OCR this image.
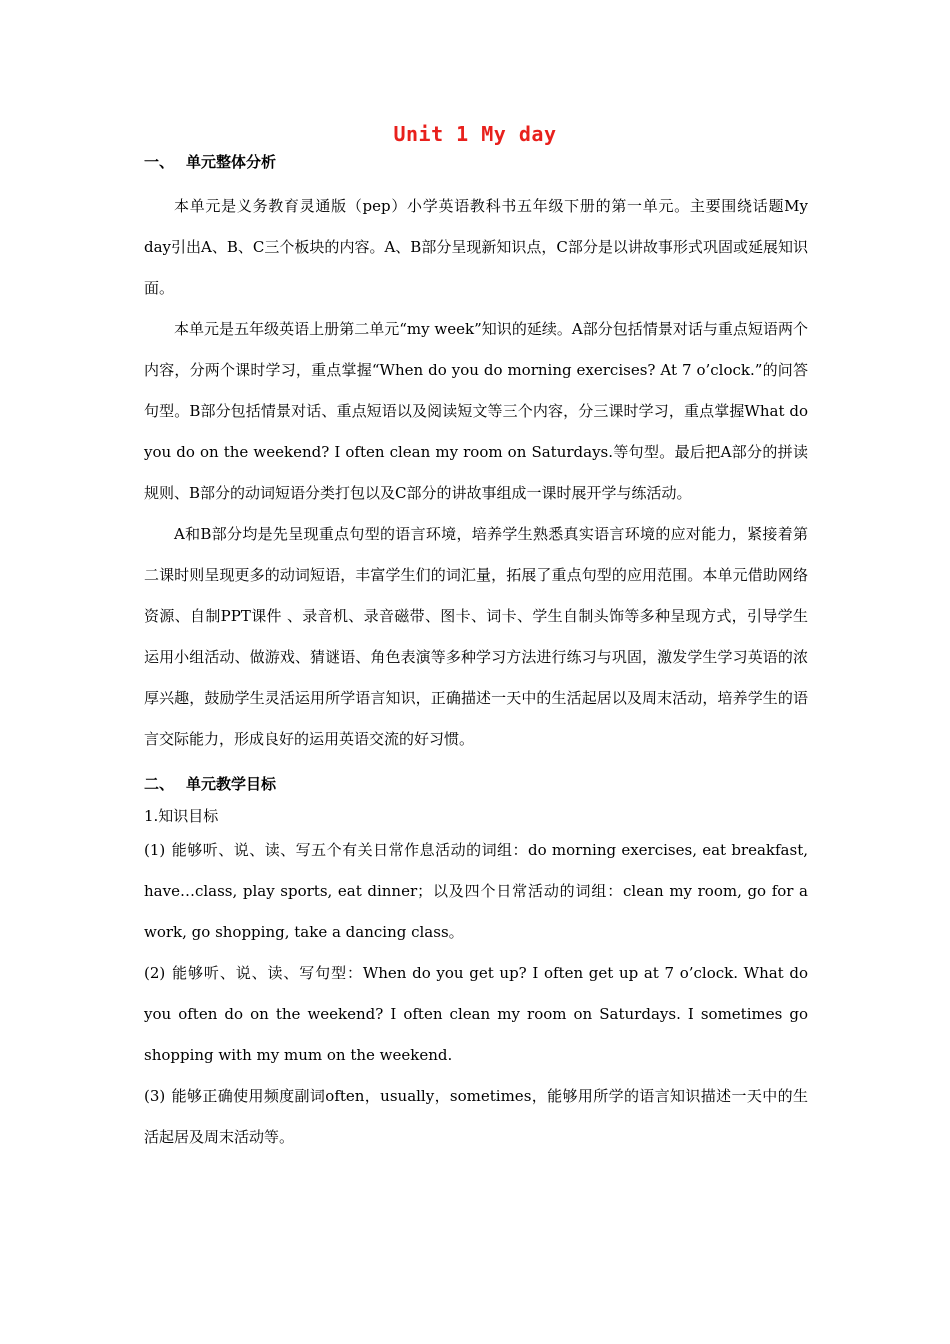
Unit 1 My day

一、 单元整体分析

本单元是义务教育灵通版（pep）小学英语教科书五年级下册的第一单元。主要围绕话题My day引出A、B、C三个板块的内容。A、B部分呈现新知识点，C部分是以讲故事形式巩固或延展知识面。

本单元是五年级英语上册第二单元“my week”知识的延续。A部分包括情景对话与重点短语两个内容，分两个课时学习，重点掌握“When do you do morning exercises? At 7 o’clock.”的问答句型。B部分包括情景对话、重点短语以及阅读短文等三个内容，分三课时学习，重点掌握What do you do on the weekend? I often clean my room on Saturdays.等句型。最后把A部分的拼读规则、B部分的动词短语分类打包以及C部分的讲故事组成一课时展开学与练活动。

A和B部分均是先呈现重点句型的语言环境，培养学生熟悉真实语言环境的应对能力，紧接着第二课时则呈现更多的动词短语，丰富学生们的词汇量，拓展了重点句型的应用范围。本单元借助网络资源、自制PPT课件 、录音机、录音磁带、图卡、词卡、学生自制头饰等多种呈现方式，引导学生运用小组活动、做游戏、猜谜语、角色表演等多种学习方法进行练习与巩固，激发学生学习英语的浓厚兴趣，鼓励学生灵活运用所学语言知识，正确描述一天中的生活起居以及周末活动，培养学生的语言交际能力，形成良好的运用英语交流的好习惯。

二、 单元教学目标

1.知识目标

(1) 能够听、说、读、写五个有关日常作息活动的词组：do morning exercises, eat breakfast, have…class, play sports, eat dinner；以及四个日常活动的词组：clean my room, go for a work, go shopping, take a dancing class。

(2) 能够听、说、读、写句型：When do you get up? I often get up at 7 o’clock. What do you often do on the weekend? I often clean my room on Saturdays. I sometimes go shopping with my mum on the weekend.

(3) 能够正确使用频度副词often，usually，sometimes，能够用所学的语言知识描述一天中的生活起居及周末活动等。
